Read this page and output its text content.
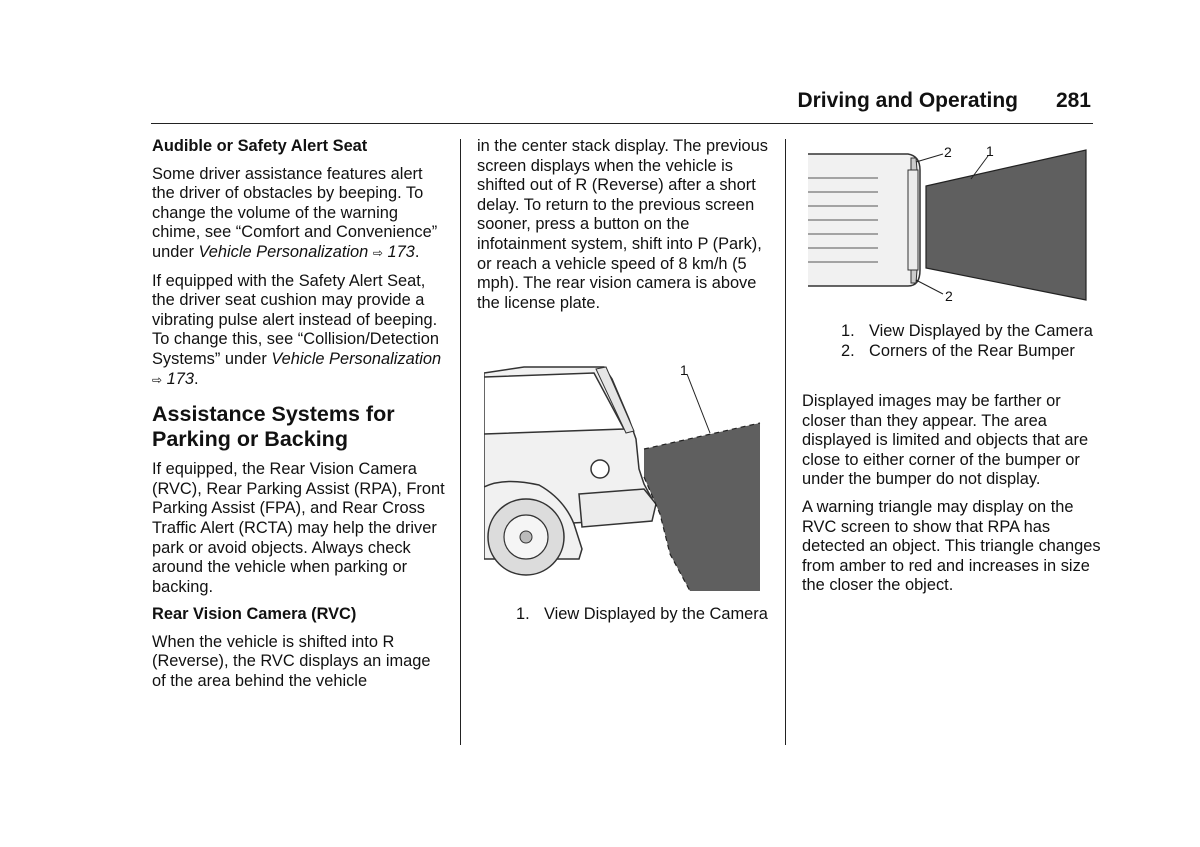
Driving and Operating 281
Audible or Safety Alert Seat

Some driver assistance features alert the driver of obstacles by beeping. To change the volume of the warning chime, see “Comfort and Convenience” under Vehicle Personalization ⇨ 173.

If equipped with the Safety Alert Seat, the driver seat cushion may provide a vibrating pulse alert instead of beeping. To change this, see “Collision/Detection Systems” under Vehicle Personalization
⇨ 173.

Assistance Systems for Parking or Backing

If equipped, the Rear Vision Camera (RVC), Rear Parking Assist (RPA), Front Parking Assist (FPA), and Rear Cross Traffic Alert (RCTA) may help the driver park or avoid objects. Always check around the vehicle when parking or backing.

Rear Vision Camera (RVC)

When the vehicle is shifted into R (Reverse), the RVC displays an image of the area behind the vehicle

in the center stack display. The previous screen displays when the vehicle is shifted out of R (Reverse) after a short delay. To return to the previous screen sooner, press a button on the infotainment system, shift into P (Park), or reach a vehicle speed of 8 km/h (5 mph). The rear vision camera is above the license plate.

1
1. View Displayed by the Camera
1
2
2
1. View Displayed by the Camera
2. Corners of the Rear Bumper

Displayed images may be farther or closer than they appear. The area displayed is limited and objects that are close to either corner of the bumper or under the bumper do not display.

A warning triangle may display on the RVC screen to show that RPA has detected an object. This triangle changes from amber to red and increases in size the closer the object.
